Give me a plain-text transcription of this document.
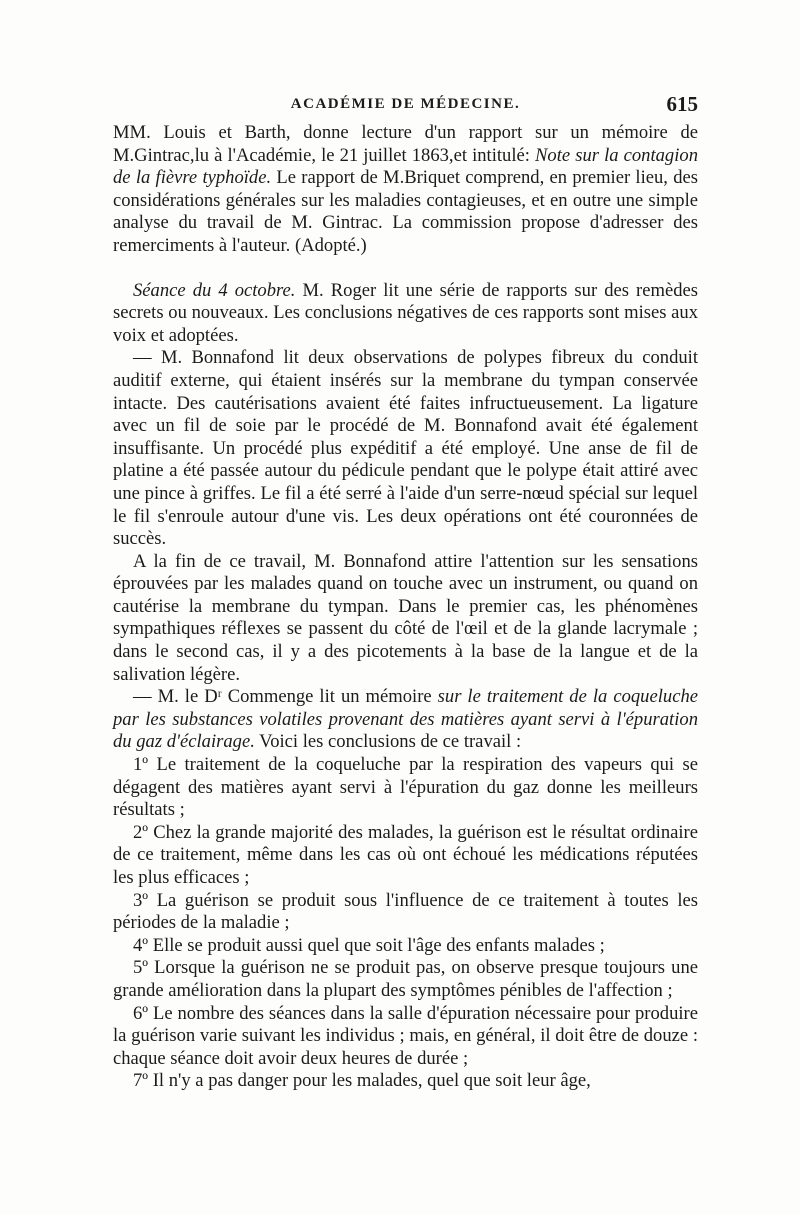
ACADÉMIE DE MÉDECINE.	615

MM. Louis et Barth, donne lecture d'un rapport sur un mémoire de M.Gintrac,lu à l'Académie, le 21 juillet 1863,et intitulé: Note sur la contagion de la fièvre typhoïde. Le rapport de M.Briquet comprend, en premier lieu, des considérations générales sur les maladies contagieuses, et en outre une simple analyse du travail de M. Gintrac. La commission propose d'adresser des remerciments à l'auteur. (Adopté.)

Séance du 4 octobre. M. Roger lit une série de rapports sur des remèdes secrets ou nouveaux. Les conclusions négatives de ces rapports sont mises aux voix et adoptées.

— M. Bonnafond lit deux observations de polypes fibreux du conduit auditif externe, qui étaient insérés sur la membrane du tympan conservée intacte. Des cautérisations avaient été faites infructueusement. La ligature avec un fil de soie par le procédé de M. Bonnafond avait été également insuffisante. Un procédé plus expéditif a été employé. Une anse de fil de platine a été passée autour du pédicule pendant que le polype était attiré avec une pince à griffes. Le fil a été serré à l'aide d'un serre-nœud spécial sur lequel le fil s'enroule autour d'une vis. Les deux opérations ont été couronnées de succès.

A la fin de ce travail, M. Bonnafond attire l'attention sur les sensations éprouvées par les malades quand on touche avec un instrument, ou quand on cautérise la membrane du tympan. Dans le premier cas, les phénomènes sympathiques réflexes se passent du côté de l'œil et de la glande lacrymale ; dans le second cas, il y a des picotements à la base de la langue et de la salivation légère.

— M. le Dʳ Commenge lit un mémoire sur le traitement de la coqueluche par les substances volatiles provenant des matières ayant servi à l'épuration du gaz d'éclairage. Voici les conclusions de ce travail :

1º Le traitement de la coqueluche par la respiration des vapeurs qui se dégagent des matières ayant servi à l'épuration du gaz donne les meilleurs résultats ;

2º Chez la grande majorité des malades, la guérison est le résultat ordinaire de ce traitement, même dans les cas où ont échoué les médications réputées les plus efficaces ;

3º La guérison se produit sous l'influence de ce traitement à toutes les périodes de la maladie ;

4º Elle se produit aussi quel que soit l'âge des enfants malades ;

5º Lorsque la guérison ne se produit pas, on observe presque toujours une grande amélioration dans la plupart des symptômes pénibles de l'affection ;

6º Le nombre des séances dans la salle d'épuration nécessaire pour produire la guérison varie suivant les individus ; mais, en général, il doit être de douze : chaque séance doit avoir deux heures de durée ;

7º Il n'y a pas danger pour les malades, quel que soit leur âge,
